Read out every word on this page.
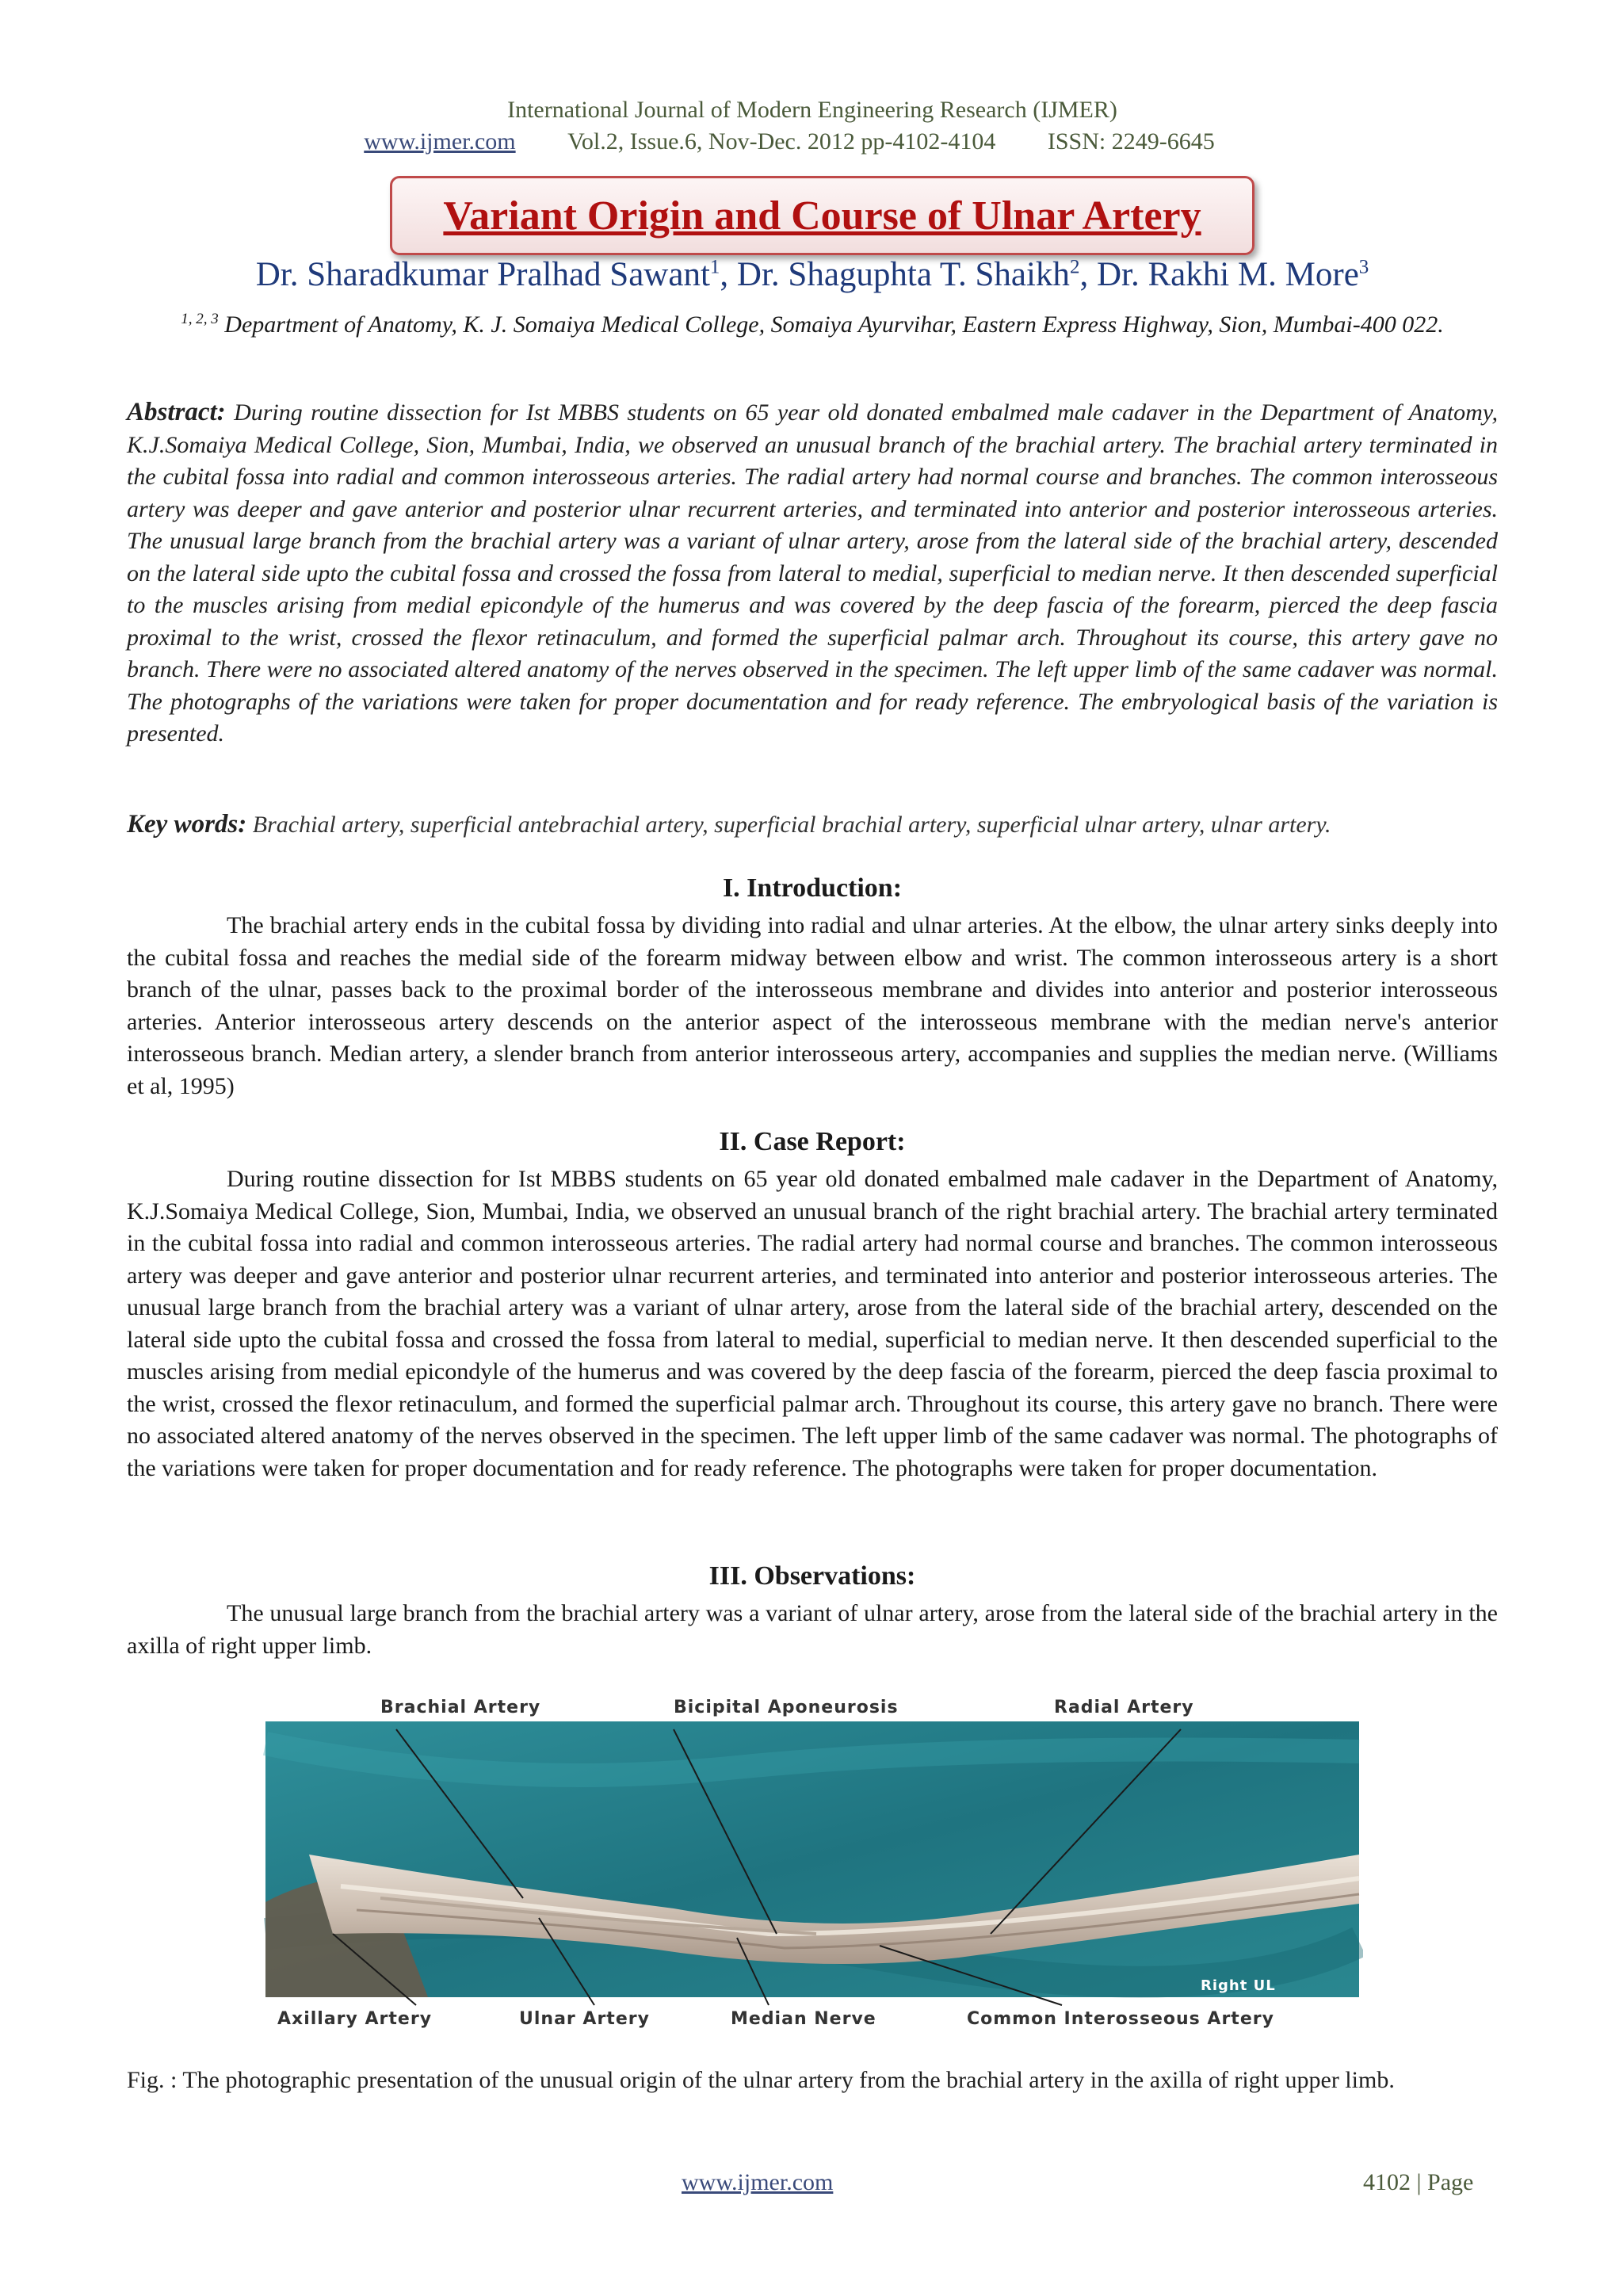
International Journal of Modern Engineering Research (IJMER)
www.ijmer.com Vol.2, Issue.6, Nov-Dec. 2012 pp-4102-4104 ISSN: 2249-6645
Variant Origin and Course of Ulnar Artery
Dr. Sharadkumar Pralhad Sawant$^1$, Dr. Shaguphta T. Shaikh$^2$, Dr. Rakhi M. More$^3$
$^{1, 2, 3}$ Department of Anatomy, K. J. Somaiya Medical College, Somaiya Ayurvihar, Eastern Express Highway, Sion, Mumbai-400 022.
Abstract: During routine dissection for Ist MBBS students on 65 year old donated embalmed male cadaver in the Department of Anatomy, K.J.Somaiya Medical College, Sion, Mumbai, India, we observed an unusual branch of the brachial artery. The brachial artery terminated in the cubital fossa into radial and common interosseous arteries. The radial artery had normal course and branches. The common interosseous artery was deeper and gave anterior and posterior ulnar recurrent arteries, and terminated into anterior and posterior interosseous arteries. The unusual large branch from the brachial artery was a variant of ulnar artery, arose from the lateral side of the brachial artery, descended on the lateral side upto the cubital fossa and crossed the fossa from lateral to medial, superficial to median nerve. It then descended superficial to the muscles arising from medial epicondyle of the humerus and was covered by the deep fascia of the forearm, pierced the deep fascia proximal to the wrist, crossed the flexor retinaculum, and formed the superficial palmar arch. Throughout its course, this artery gave no branch. There were no associated altered anatomy of the nerves observed in the specimen. The left upper limb of the same cadaver was normal. The photographs of the variations were taken for proper documentation and for ready reference. The embryological basis of the variation is presented.
Key words: Brachial artery, superficial antebrachial artery, superficial brachial artery, superficial ulnar artery, ulnar artery.
I. Introduction:
The brachial artery ends in the cubital fossa by dividing into radial and ulnar arteries. At the elbow, the ulnar artery sinks deeply into the cubital fossa and reaches the medial side of the forearm midway between elbow and wrist. The common interosseous artery is a short branch of the ulnar, passes back to the proximal border of the interosseous membrane and divides into anterior and posterior interosseous arteries. Anterior interosseous artery descends on the anterior aspect of the interosseous membrane with the median nerve's anterior interosseous branch. Median artery, a slender branch from anterior interosseous artery, accompanies and supplies the median nerve. (Williams et al, 1995)
II. Case Report:
During routine dissection for Ist MBBS students on 65 year old donated embalmed male cadaver in the Department of Anatomy, K.J.Somaiya Medical College, Sion, Mumbai, India, we observed an unusual branch of the right brachial artery. The brachial artery terminated in the cubital fossa into radial and common interosseous arteries. The radial artery had normal course and branches. The common interosseous artery was deeper and gave anterior and posterior ulnar recurrent arteries, and terminated into anterior and posterior interosseous arteries. The unusual large branch from the brachial artery was a variant of ulnar artery, arose from the lateral side of the brachial artery, descended on the lateral side upto the cubital fossa and crossed the fossa from lateral to medial, superficial to median nerve. It then descended superficial to the muscles arising from medial epicondyle of the humerus and was covered by the deep fascia of the forearm, pierced the deep fascia proximal to the wrist, crossed the flexor retinaculum, and formed the superficial palmar arch. Throughout its course, this artery gave no branch. There were no associated altered anatomy of the nerves observed in the specimen. The left upper limb of the same cadaver was normal. The photographs of the variations were taken for proper documentation and for ready reference. The photographs were taken for proper documentation.
III. Observations:
The unusual large branch from the brachial artery was a variant of ulnar artery, arose from the lateral side of the brachial artery in the axilla of right upper limb.
Brachial Artery	Bicipital Aponeurosis	Radial Artery
Axillary Artery	Ulnar Artery	Median Nerve	Common Interosseous Artery
Right UL
Fig. : The photographic presentation of the unusual origin of the ulnar artery from the brachial artery in the axilla of right upper limb.
www.ijmer.com	4102 | Page
